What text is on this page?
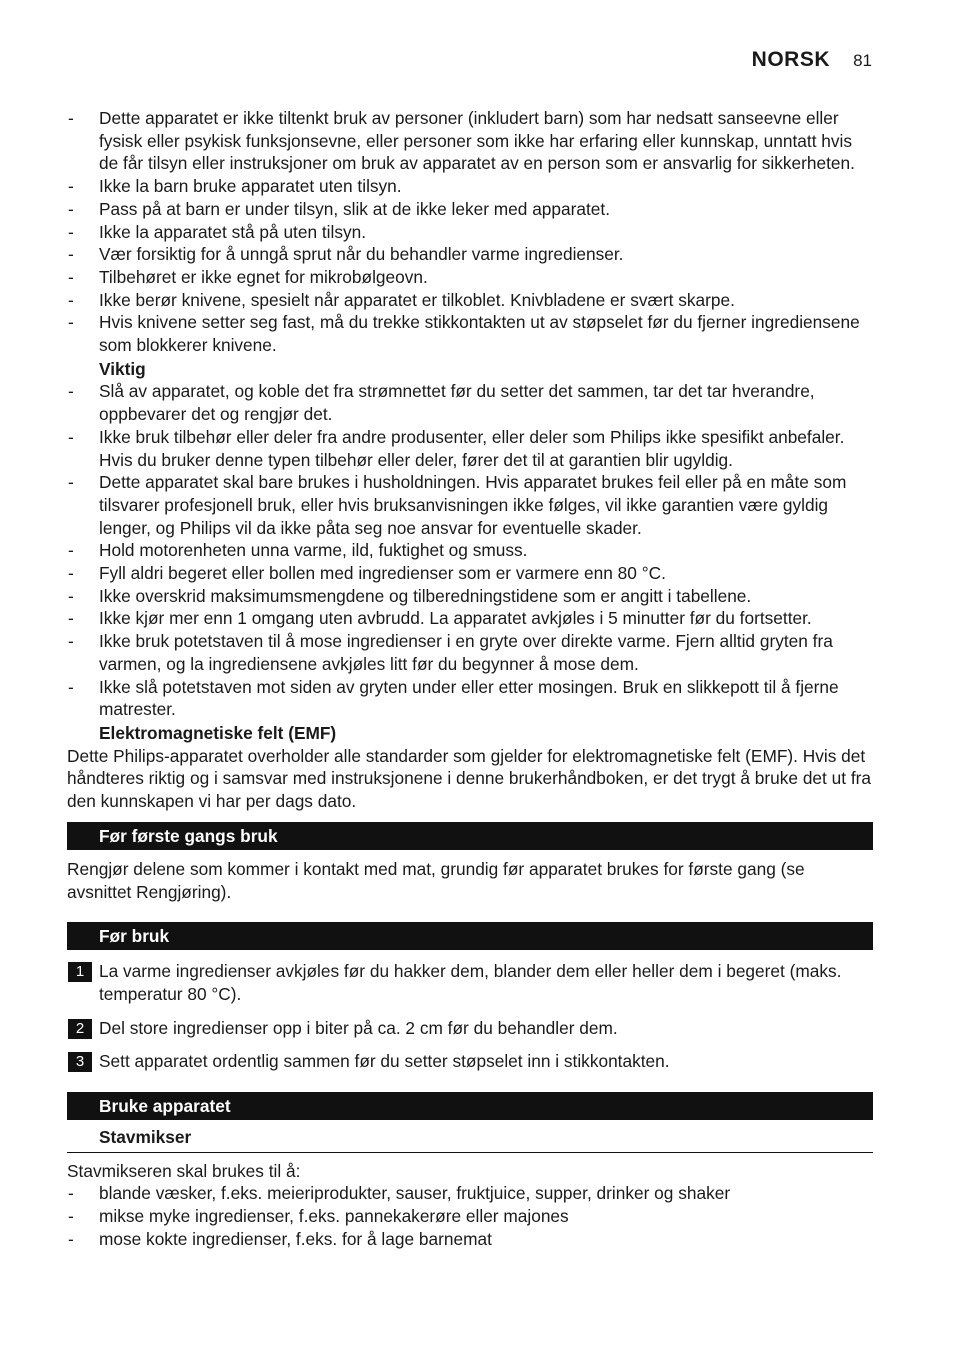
NORSK 81
- Dette apparatet er ikke tiltenkt bruk av personer (inkludert barn) som har nedsatt sanseevne eller fysisk eller psykisk funksjonsevne, eller personer som ikke har erfaring eller kunnskap, unntatt hvis de får tilsyn eller instruksjoner om bruk av apparatet av en person som er ansvarlig for sikkerheten.
- Ikke la barn bruke apparatet uten tilsyn.
- Pass på at barn er under tilsyn, slik at de ikke leker med apparatet.
- Ikke la apparatet stå på uten tilsyn.
- Vær forsiktig for å unngå sprut når du behandler varme ingredienser.
- Tilbehøret er ikke egnet for mikrobølgeovn.
- Ikke berør knivene, spesielt når apparatet er tilkoblet. Knivbladene er svært skarpe.
- Hvis knivene setter seg fast, må du trekke stikkontakten ut av støpselet før du fjerner ingrediensene som blokkerer knivene.
Viktig
- Slå av apparatet, og koble det fra strømnettet før du setter det sammen, tar det tar hverandre, oppbevarer det og rengjør det.
- Ikke bruk tilbehør eller deler fra andre produsenter, eller deler som Philips ikke spesifikt anbefaler. Hvis du bruker denne typen tilbehør eller deler, fører det til at garantien blir ugyldig.
- Dette apparatet skal bare brukes i husholdningen. Hvis apparatet brukes feil eller på en måte som tilsvarer profesjonell bruk, eller hvis bruksanvisningen ikke følges, vil ikke garantien være gyldig lenger, og Philips vil da ikke påta seg noe ansvar for eventuelle skader.
- Hold motorenheten unna varme, ild, fuktighet og smuss.
- Fyll aldri begeret eller bollen med ingredienser som er varmere enn 80 °C.
- Ikke overskrid maksimumsmengdene og tilberedningstidene som er angitt i tabellene.
- Ikke kjør mer enn 1 omgang uten avbrudd. La apparatet avkjøles i 5 minutter før du fortsetter.
- Ikke bruk potetstaven til å mose ingredienser i en gryte over direkte varme. Fjern alltid gryten fra varmen, og la ingrediensene avkjøles litt før du begynner å mose dem.
- Ikke slå potetstaven mot siden av gryten under eller etter mosingen. Bruk en slikkepott til å fjerne matrester.
Elektromagnetiske felt (EMF)

Dette Philips-apparatet overholder alle standarder som gjelder for elektromagnetiske felt (EMF). Hvis det håndteres riktig og i samsvar med instruksjonene i denne brukerhåndboken, er det trygt å bruke det ut fra den kunnskapen vi har per dags dato.

Før første gangs bruk

Rengjør delene som kommer i kontakt med mat, grundig før apparatet brukes for første gang (se avsnittet Rengjøring).

Før bruk
1 La varme ingredienser avkjøles før du hakker dem, blander dem eller heller dem i begeret (maks. temperatur 80 °C).
2 Del store ingredienser opp i biter på ca. 2 cm før du behandler dem.
3 Sett apparatet ordentlig sammen før du setter støpselet inn i stikkontakten.
Bruke apparatet
Stavmikser

Stavmikseren skal brukes til å:

- blande væsker, f.eks. meieriprodukter, sauser, fruktjuice, supper, drinker og shaker
- mikse myke ingredienser, f.eks. pannekakerøre eller majones
- mose kokte ingredienser, f.eks. for å lage barnemat
